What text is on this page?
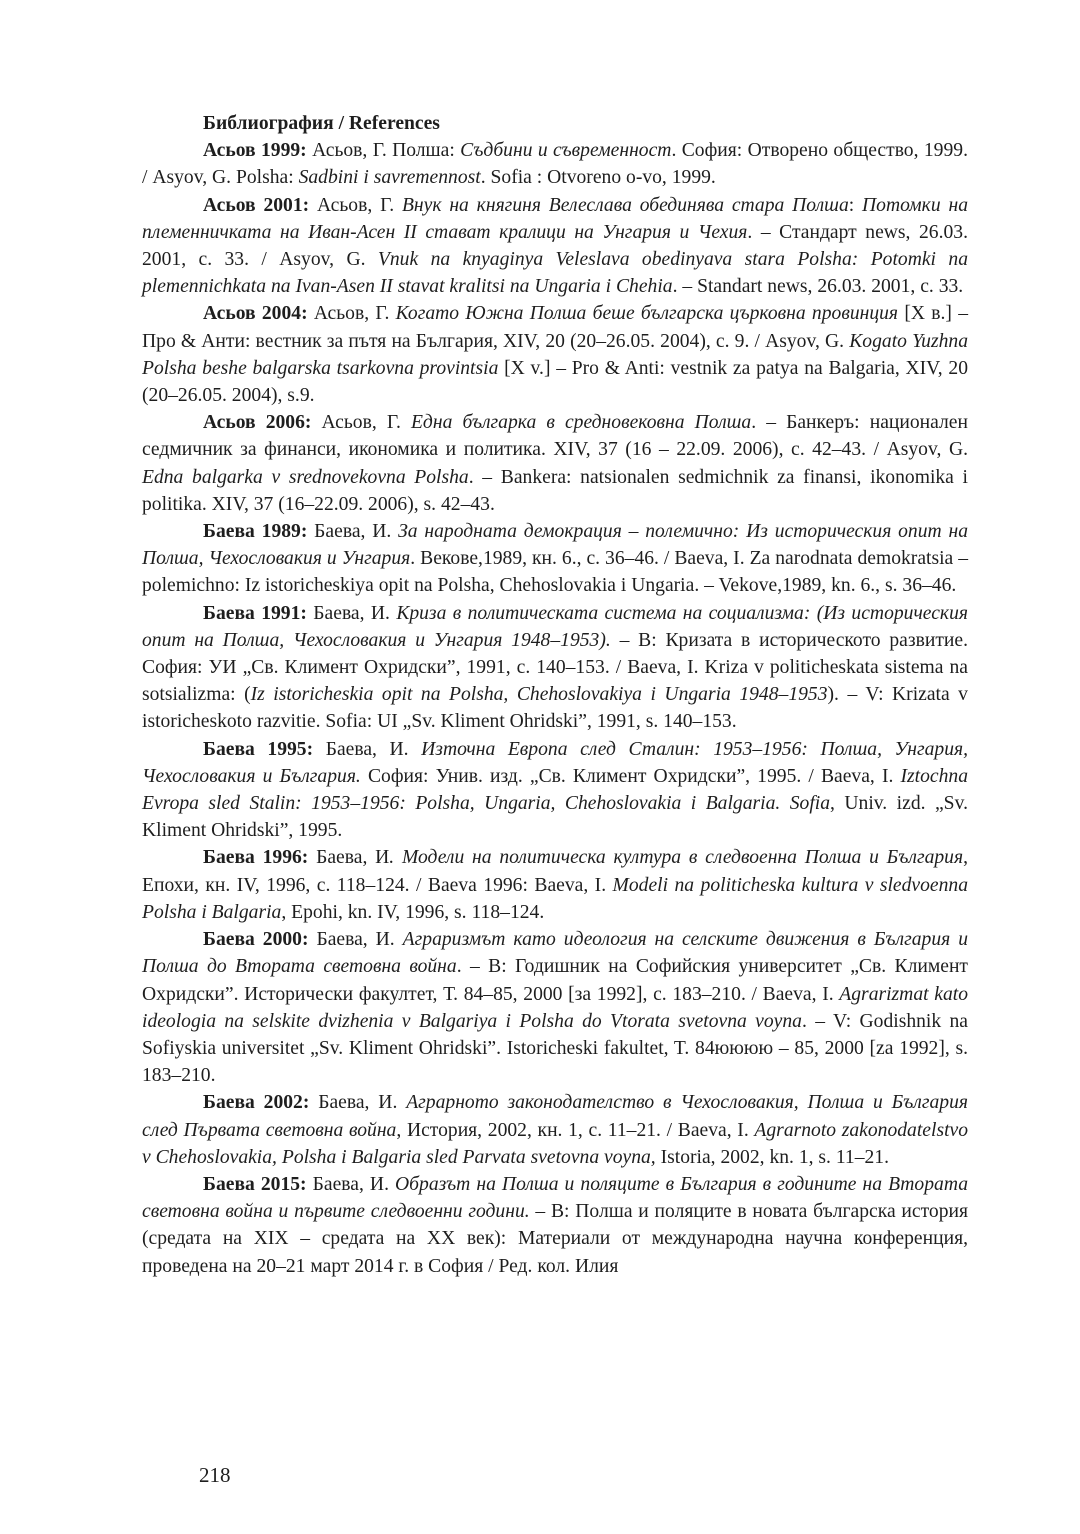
Библиография / References

Асьов 1999: Асьов, Г. Полша: Съдбини и съвременност. София: Отворено общество, 1999. / Asyov, G. Polsha: Sadbini i savremennost. Sofia : Otvoreno o-vo, 1999.

Асьов 2001: Асьов, Г. Внук на княгиня Велеслава обединява стара Полша: Потомки на племенничката на Иван-Асен II стават кралици на Унгария и Чехия. – Стандарт news, 26.03. 2001, с. 33. / Asyov, G. Vnuk na knyaginya Veleslava obedinyava stara Polsha: Potomki na plemennichkata na Ivan-Asen II stavat kralitsi na Ungaria i Chehia. – Standart news, 26.03. 2001, с. 33.

Асьов 2004: Асьов, Г. Когато Южна Полша беше българска църковна провинция [X в.] – Про & Анти: вестник за пътя на България, XIV, 20 (20–26.05. 2004), с. 9. / Asyov, G. Kogato Yuzhna Polsha beshe balgarska tsarkovna provintsia [X v.] – Pro & Anti: vestnik za patya na Balgaria, XIV, 20 (20–26.05. 2004), s.9.

Асьов 2006: Асьов, Г. Една българка в средновековна Полша. – Банкеръ: национален седмичник за финанси, икономика и политика. XIV, 37 (16 – 22.09. 2006), с. 42–43. / Asyov, G. Edna balgarka v srednovekovna Polsha. – Bankera: natsionalen sedmichnik za finansi, ikonomika i politika. XIV, 37 (16–22.09. 2006), s. 42–43.

Баева 1989: Баева, И. За народната демокрация – полемично: Из историческия опит на Полша, Чехословакия и Унгария. Векове,1989, кн. 6., с. 36–46. / Baeva, I. Za narodnata demokratsia – polemichno: Iz istoricheskiya opit na Polsha, Chehoslovakia i Ungaria. – Vekove,1989, kn. 6., s. 36–46.

Баева 1991: Баева, И. Криза в политическата система на социализма: (Из историческия опит на Полша, Чехословакия и Унгария 1948–1953). – В: Кризата в историческото развитие. София: УИ „Св. Климент Охридски”, 1991, с. 140–153. / Baeva, I. Kriza v politicheskata sistema na sotsializma: (Iz istoricheskia opit na Polsha, Chehoslovakiya i Ungaria 1948–1953). – V: Krizata v istoricheskoto razvitie. Sofia: UI „Sv. Kliment Ohridski”, 1991, s. 140–153.

Баева 1995: Баева, И. Източна Европа след Сталин: 1953–1956: Полша, Унгария, Чехословакия и България. София: Унив. изд. „Св. Климент Охридски”, 1995. / Baeva, I. Iztochna Evropa sled Stalin: 1953–1956: Polsha, Ungaria, Chehoslovakia i Balgaria. Sofia, Univ. izd. „Sv. Kliment Ohridski”, 1995.

Баева 1996: Баева, И. Модели на политическа култура в следвоенна Полша и България, Епохи, кн. IV, 1996, с. 118–124. / Baeva 1996: Baeva, I. Modeli na politicheska kultura v sledvoenna Polsha i Balgaria, Epohi, kn. IV, 1996, s. 118–124.

Баева 2000: Баева, И. Аграризмът като идеология на селските движения в България и Полша до Втората световна война. – В: Годишник на Софийския университет „Св. Климент Охридски”. Исторически факултет, Т. 84–85, 2000 [за 1992], с. 183–210. / Baeva, I. Agrarizmat kato ideologia na selskite dvizhenia v Balgariya i Polsha do Vtorata svetovna voyna. – V: Godishnik na Sofiyskia universitet „Sv. Kliment Ohridski”. Istoricheski fakultet, T. 84юююю – 85, 2000 [za 1992], s. 183–210.

Баева 2002: Баева, И. Аграрното законодателство в Чехословакия, Полша и България след Първата световна война, История, 2002, кн. 1, с. 11–21. / Baeva, I. Agrarnoto zakonodatelstvo v Chehoslovakia, Polsha i Balgaria sled Parvata svetovna voyna, Istoria, 2002, kn. 1, s. 11–21.

Баева 2015: Баева, И. Образът на Полша и поляците в България в годините на Втората световна война и първите следвоенни години. – В: Полша и поляците в новата българска история (средата на XIX – средата на XX век): Материали от международна научна конференция, проведена на 20–21 март 2014 г. в София / Ред. кол. Илия

218
